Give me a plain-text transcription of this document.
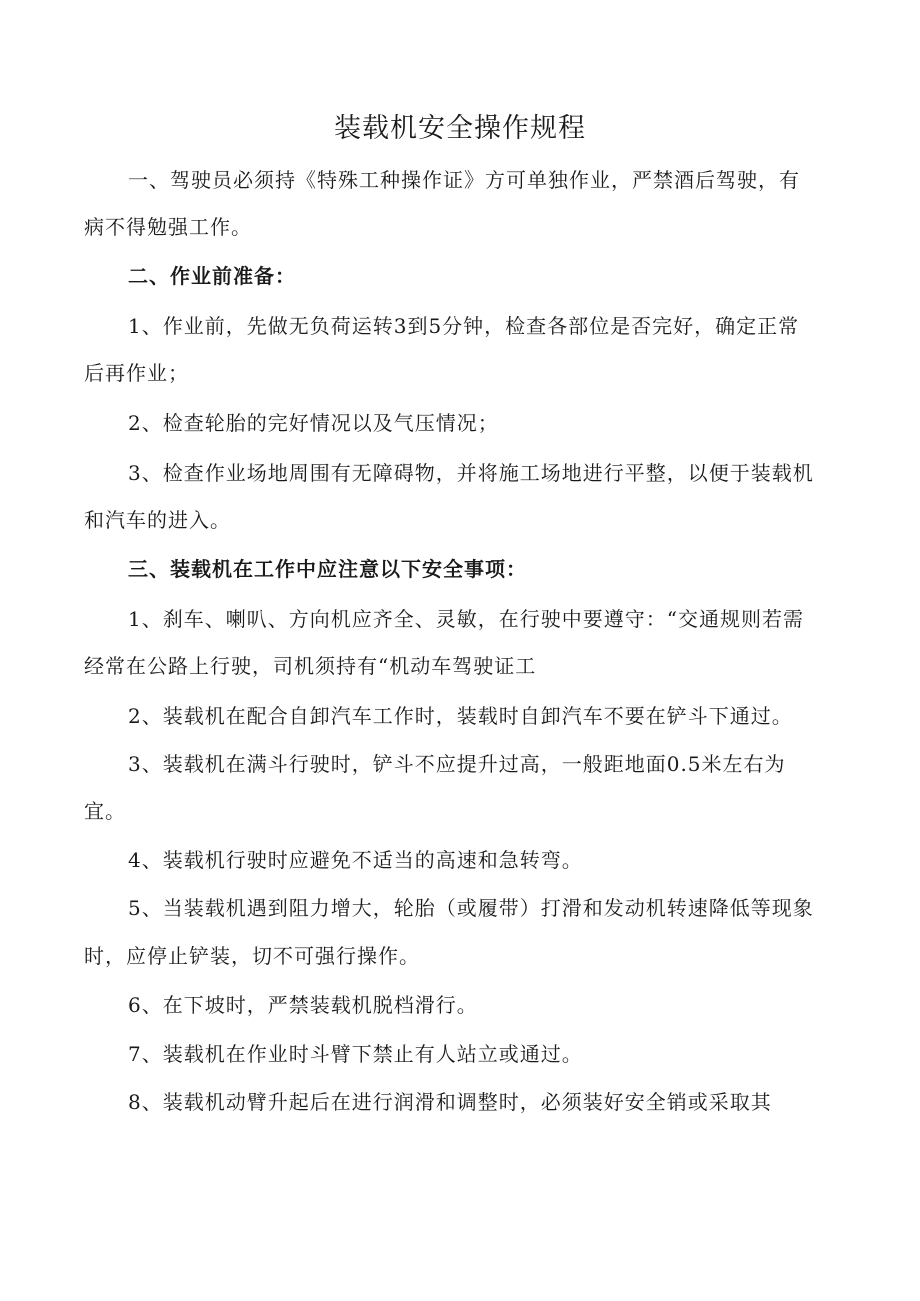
装载机安全操作规程
一、驾驶员必须持《特殊工种操作证》方可单独作业，严禁酒后驾驶，有
病不得勉强工作。
二、作业前准备：
1、作业前，先做无负荷运转3到5分钟，检查各部位是否完好，确定正常
后再作业；
2、检查轮胎的完好情况以及气压情况；
3、检查作业场地周围有无障碍物，并将施工场地进行平整，以便于装载机
和汽车的进入。
三、装载机在工作中应注意以下安全事项：
1、刹车、喇叭、方向机应齐全、灵敏，在行驶中要遵守：“交通规则若需
经常在公路上行驶，司机须持有“机动车驾驶证工
2、装载机在配合自卸汽车工作时，装载时自卸汽车不要在铲斗下通过。
3、装载机在满斗行驶时，铲斗不应提升过高，一般距地面0.5米左右为
宜。
4、装载机行驶时应避免不适当的高速和急转弯。
5、当装载机遇到阻力增大，轮胎（或履带）打滑和发动机转速降低等现象
时，应停止铲装，切不可强行操作。
6、在下坡时，严禁装载机脱档滑行。
7、装载机在作业时斗臂下禁止有人站立或通过。
8、装载机动臂升起后在进行润滑和调整时，必须装好安全销或采取其
